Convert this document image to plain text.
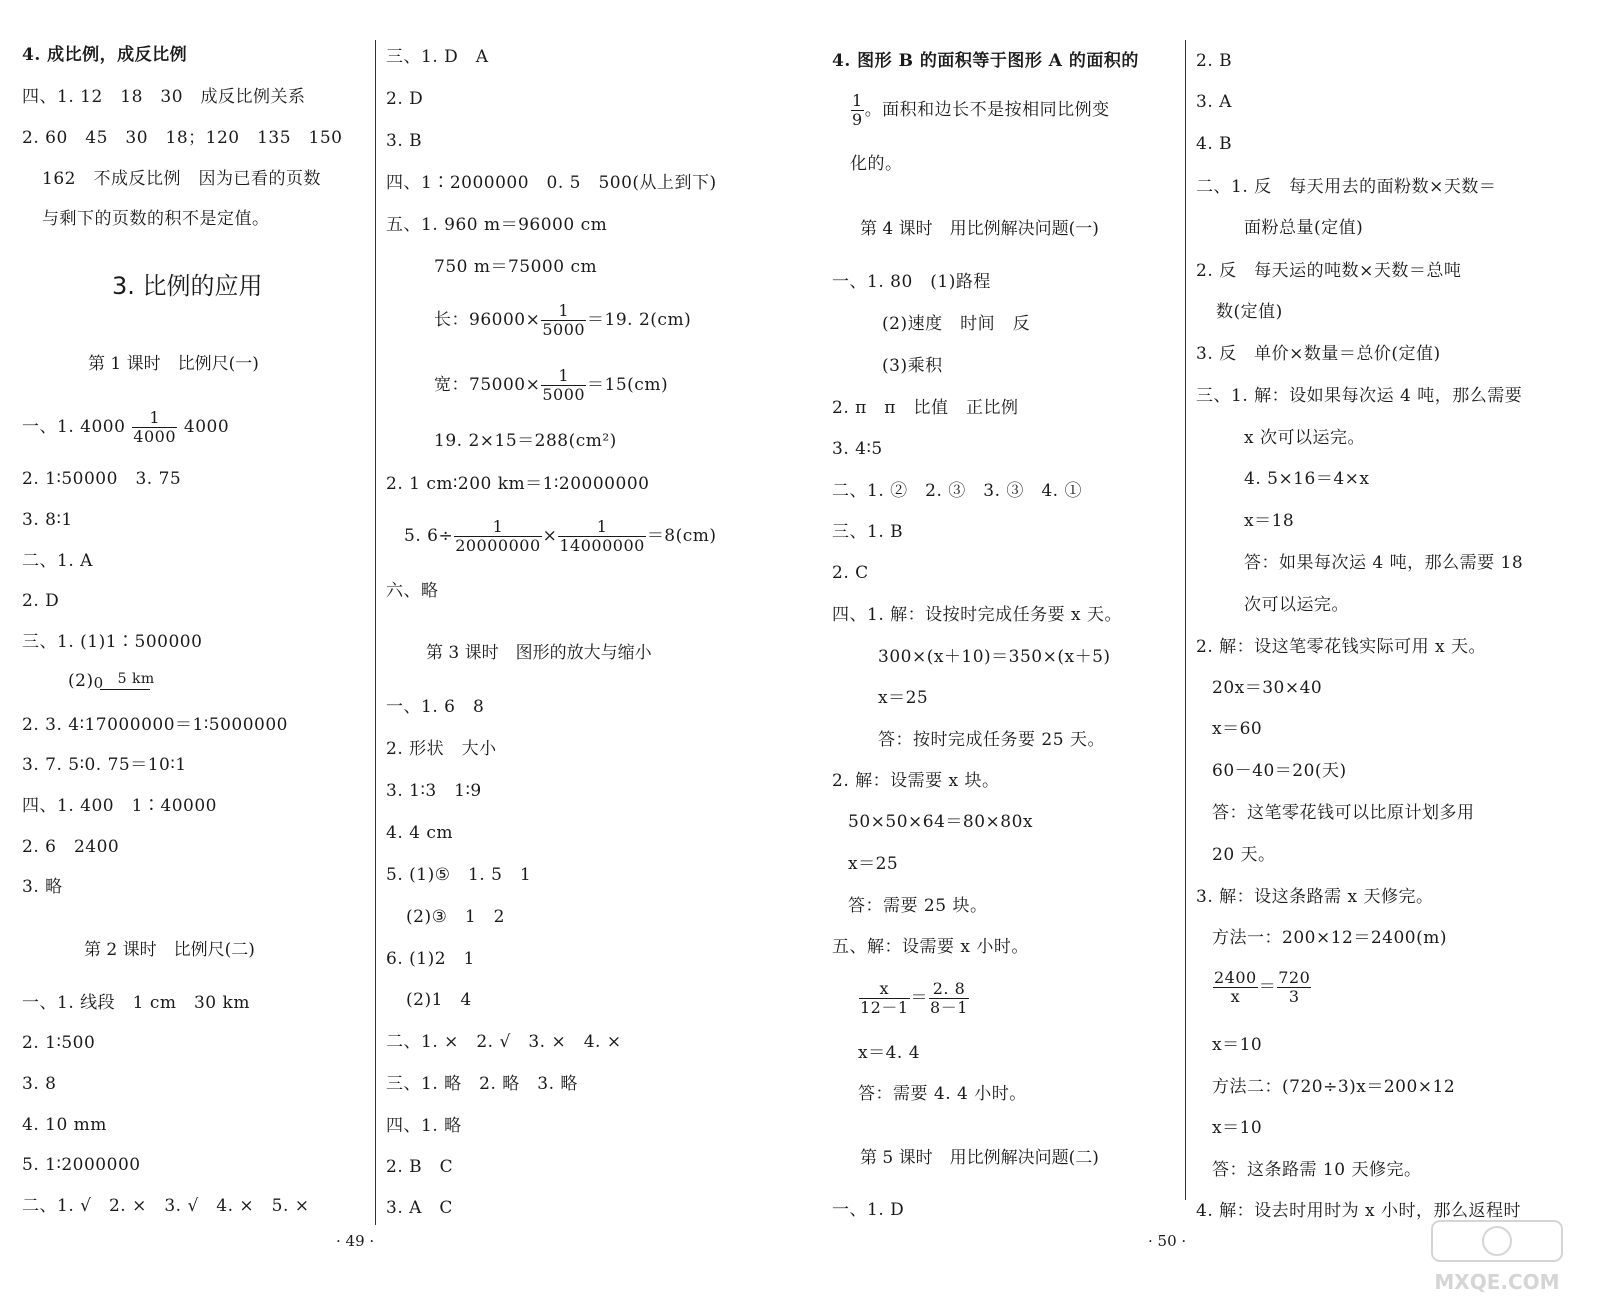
4. 成比例，成反比例
四、1. 12　18　30　成反比例关系
2. 60　45　30　18；120　135　150
162　不成反比例　因为已看的页数
与剩下的页数的积不是定值。
3. 比例的应用
第 1 课时　比例尺(一)
一、1. $4000 \frac{1}{4000} 4000$
2. 1∶50000　3. 75
3. 8∶1
二、1. A
2. D
三、1. (1)1∶500000
(2) 0 5 km
2. 3. 4∶17000000＝1∶5000000
3. 7. 5∶0. 75＝10∶1
四、1. 400　1∶40000
2. 6　2400
3. 略
第 2 课时　比例尺(二)
一、1. 线段　1 cm　30 km
2. 1∶500
3. 8
4. 10 mm
5. 1∶2000000
二、1. √　2. ×　3. √　4. ×　5. ×
三、1. D　A
2. D
3. B
四、1∶2000000　0. 5　500(从上到下)
五、1. 960 m＝96000 cm
750 m＝75000 cm
长：$96000\times \frac{1}{5000} =19$. 2(cm)
宽：$75000\times \frac{1}{5000} =15(cm)$
19. 2×15＝288(cm²)
2. 1 cm∶200 km＝1∶20000000
5. $6\div \frac{1}{20000000} \times \frac{1}{14000000} =8(cm)$
六、略
第 3 课时　图形的放大与缩小
一、1. 6　8
2. 形状　大小
3. 1∶3　1∶9
4. 4 cm
5. (1)⑤　1. 5　1
(2)③　1　2
6. (1)2　1
(2)1　4
二、1. ×　2. √　3. ×　4. ×
三、1. 略　2. 略　3. 略
四、1. 略
2. B　C
3. A　C
· 49 ·
4. 图形 B 的面积等于图形 A 的面积的
$\frac{1}{9}$ 。面积和边长不是按相同比例变
化的。
第 4 课时　用比例解决问题(一)
一、1. 80　(1)路程
(2)速度　时间　反
(3)乘积
2. π　π　比值　正比例
3. 4∶5
二、1. ②　2. ③　3. ③　4. ①
三、1. B
2. C
四、1. 解：设按时完成任务要 x 天。
300×(x＋10)＝350×(x＋5)
x＝25
答：按时完成任务要 25 天。
2. 解：设需要 x 块。
50×50×64＝80×80x
x＝25
答：需要 25 块。
五、解：设需要 x 小时。
$\frac{x}{12-1} = \frac{2. 8}{8-1}$
x＝4. 4
答：需要 4. 4 小时。
第 5 课时　用比例解决问题(二)
一、1. D
2. B
3. A
4. B
二、1. 反　每天用去的面粉数×天数＝
面粉总量(定值)
2. 反　每天运的吨数×天数＝总吨
数(定值)
3. 反　单价×数量＝总价(定值)
三、1. 解：设如果每次运 4 吨，那么需要
x 次可以运完。
4. 5×16＝4×x
x＝18
答：如果每次运 4 吨，那么需要 18
次可以运完。
2. 解：设这笔零花钱实际可用 x 天。
20x＝30×40
x＝60
60－40＝20(天)
答：这笔零花钱可以比原计划多用
20 天。
3. 解：设这条路需 x 天修完。
方法一：200×12＝2400(m)
$\frac{2400}{x} = \frac{720}{3}$
x＝10
方法二：(720÷3)x＝200×12
x＝10
答：这条路需 10 天修完。
4. 解：设去时用时为 x 小时，那么返程时
· 50 ·
MXQE.COM
